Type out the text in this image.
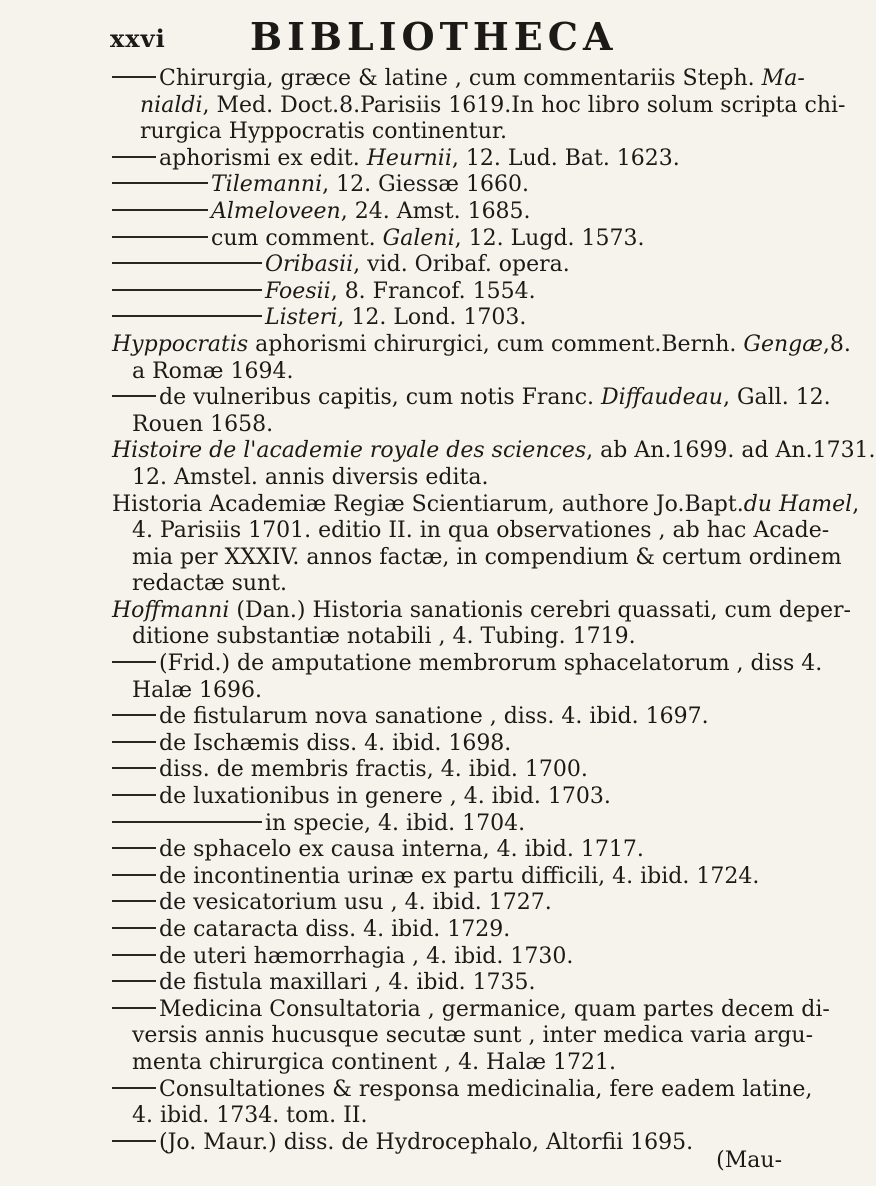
xxvi BIBLIOTHECA
Chirurgia, græce & latine , cum commentariis Steph. Ma-
nialdi, Med. Doct.8.Parisiis 1619.In hoc libro solum scripta chi-
rurgica Hyppocratis continentur.
aphorismi ex edit. Heurnii, 12. Lud. Bat. 1623.
Tilemanni, 12. Giessæ 1660.
Almeloveen, 24. Amst. 1685.
cum comment. Galeni, 12. Lugd. 1573.
Oribasii, vid. Oribaf. opera.
Foesii, 8. Francof. 1554.
Listeri, 12. Lond. 1703.
Hyppocratis aphorismi chirurgici, cum comment.Bernh. Gengæ,8.
a Romæ 1694.
de vulneribus capitis, cum notis Franc. Diffaudeau, Gall. 12.
Rouen 1658.
Histoire de l'academie royale des sciences, ab An.1699. ad An.1731.
12. Amstel. annis diversis edita.
Historia Academiæ Regiæ Scientiarum, authore Jo.Bapt.du Hamel,
4. Parisiis 1701. editio II. in qua observationes , ab hac Acade-
mia per XXXIV. annos factæ, in compendium & certum ordinem
redactæ sunt.
Hoffmanni (Dan.) Historia sanationis cerebri quassati, cum deper-
ditione substantiæ notabili , 4. Tubing. 1719.
(Frid.) de amputatione membrorum sphacelatorum , diss 4.
Halæ 1696.
de fistularum nova sanatione , diss. 4. ibid. 1697.
de Ischæmis diss. 4. ibid. 1698.
diss. de membris fractis, 4. ibid. 1700.
de luxationibus in genere , 4. ibid. 1703.
in specie, 4. ibid. 1704.
de sphacelo ex causa interna, 4. ibid. 1717.
de incontinentia urinæ ex partu difficili, 4. ibid. 1724.
de vesicatorium usu , 4. ibid. 1727.
de cataracta diss. 4. ibid. 1729.
de uteri hæmorrhagia , 4. ibid. 1730.
de fistula maxillari , 4. ibid. 1735.
Medicina Consultatoria , germanice, quam partes decem di-
versis annis hucusque secutæ sunt , inter medica varia argu-
menta chirurgica continent , 4. Halæ 1721.
Consultationes & responsa medicinalia, fere eadem latine,
4. ibid. 1734. tom. II.
(Jo. Maur.) diss. de Hydrocephalo, Altorfii 1695.
(Mau-
